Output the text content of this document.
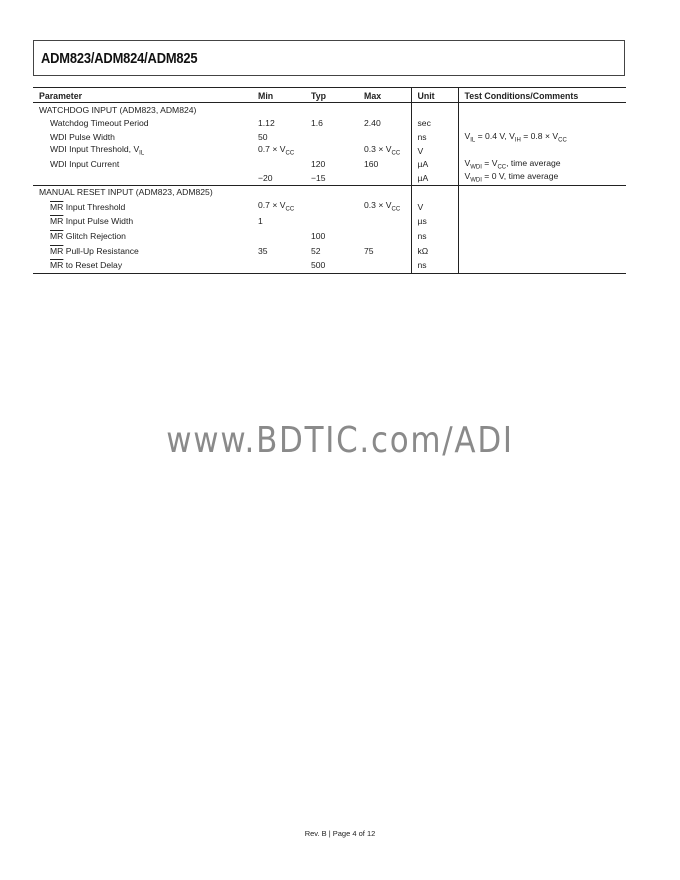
ADM823/ADM824/ADM825
Parameter	Min	Typ	Max	Unit	Test Conditions/Comments
WATCHDOG INPUT (ADM823, ADM824)					
Watchdog Timeout Period	1.12	1.6	2.40	sec	
WDI Pulse Width	50			ns	$V_{IL} = 0.4$ V, $V_{IH} = 0.8 \times V_{CC}$
WDI Input Threshold, $V_{IL}$	$0.7 \times V_{CC}$		$0.3 \times V_{CC}$	V	
WDI Input Current		120	160	µA	$V_{WDI} = V_{CC}$, time average
	−20	−15		µA	$V_{WDI} = 0$ V, time average
MANUAL RESET INPUT (ADM823, ADM825)					
$\overline{MR}$ Input Threshold	$0.7 \times V_{CC}$		$0.3 \times V_{CC}$	V	
$\overline{MR}$ Input Pulse Width	1			µs	
$\overline{MR}$ Glitch Rejection		100		ns	
$\overline{MR}$ Pull-Up Resistance	35	52	75	kΩ	
$\overline{MR}$ to Reset Delay		500		ns	
www.BDTIC.com/ADI
Rev. B | Page 4 of 12
